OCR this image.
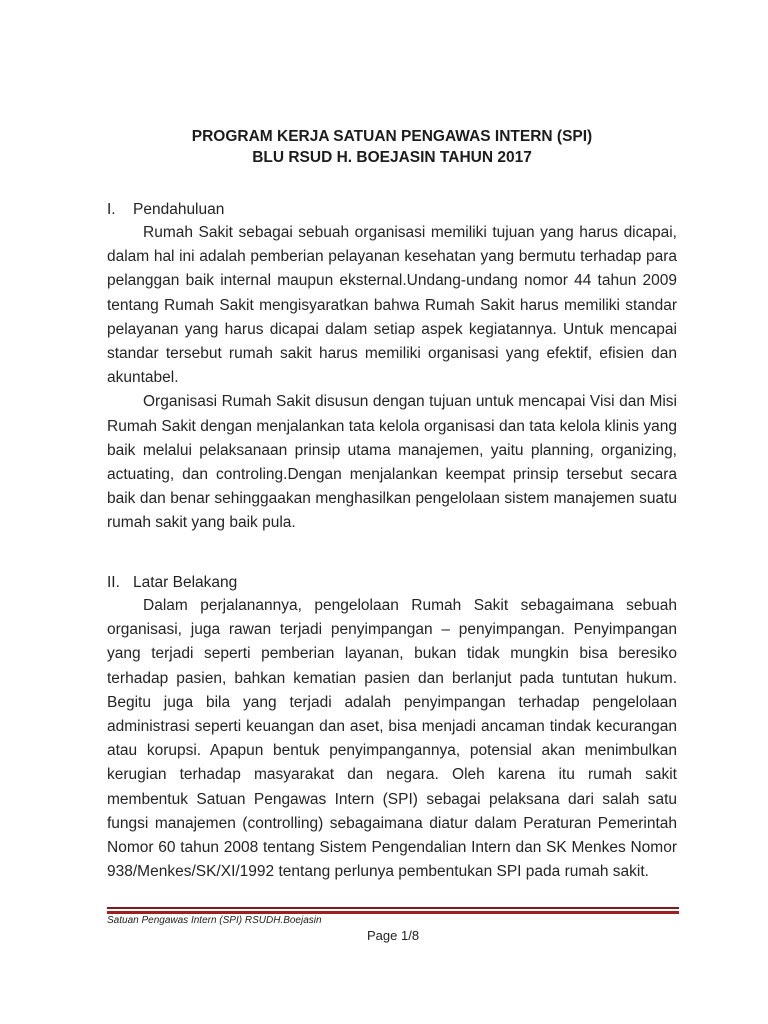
PROGRAM KERJA SATUAN PENGAWAS INTERN (SPI)
BLU RSUD H. BOEJASIN TAHUN 2017
I. Pendahuluan

Rumah Sakit sebagai sebuah organisasi memiliki tujuan yang harus dicapai, dalam hal ini adalah pemberian pelayanan kesehatan yang bermutu terhadap para pelanggan baik internal maupun eksternal.Undang-undang nomor 44 tahun 2009 tentang Rumah Sakit mengisyaratkan bahwa Rumah Sakit harus memiliki standar pelayanan yang harus dicapai dalam setiap aspek kegiatannya. Untuk mencapai standar tersebut rumah sakit harus memiliki organisasi yang efektif, efisien dan akuntabel.

Organisasi Rumah Sakit disusun dengan tujuan untuk mencapai Visi dan Misi Rumah Sakit dengan menjalankan tata kelola organisasi dan tata kelola klinis yang baik melalui pelaksanaan prinsip utama manajemen, yaitu planning, organizing, actuating, dan controling.Dengan menjalankan keempat prinsip tersebut secara baik dan benar sehinggaakan menghasilkan pengelolaan sistem manajemen suatu rumah sakit yang baik pula.

II. Latar Belakang

Dalam perjalanannya, pengelolaan Rumah Sakit sebagaimana sebuah organisasi, juga rawan terjadi penyimpangan – penyimpangan. Penyimpangan yang terjadi seperti pemberian layanan, bukan tidak mungkin bisa beresiko terhadap pasien, bahkan kematian pasien dan berlanjut pada tuntutan hukum. Begitu juga bila yang terjadi adalah penyimpangan terhadap pengelolaan administrasi seperti keuangan dan aset, bisa menjadi ancaman tindak kecurangan atau korupsi. Apapun bentuk penyimpangannya, potensial akan menimbulkan kerugian terhadap masyarakat dan negara. Oleh karena itu rumah sakit membentuk Satuan Pengawas Intern (SPI) sebagai pelaksana dari salah satu fungsi manajemen (controlling) sebagaimana diatur dalam Peraturan Pemerintah Nomor 60 tahun 2008 tentang Sistem Pengendalian Intern dan SK Menkes Nomor 938/Menkes/SK/XI/1992 tentang perlunya pembentukan SPI pada rumah sakit.

Satuan Pengawas Intern (SPI) RSUDH.Boejasin
Page 1/8
